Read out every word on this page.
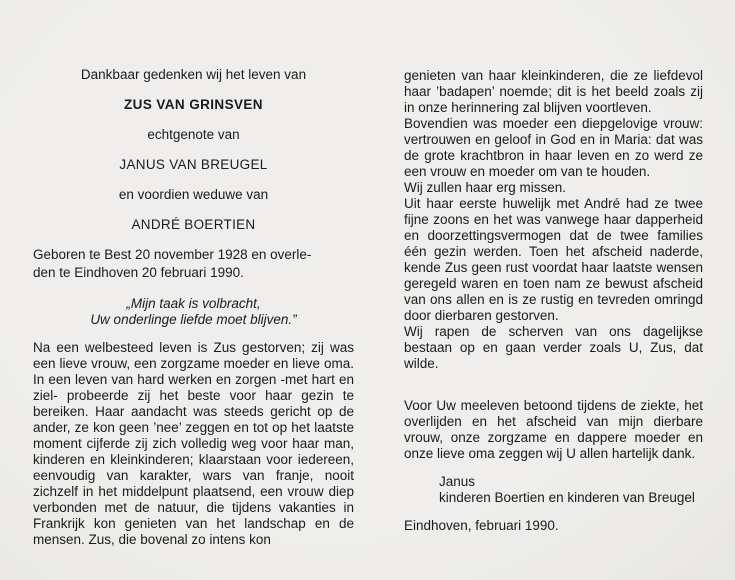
Dankbaar gedenken wij het leven van

ZUS VAN GRINSVEN

echtgenote van

JANUS VAN BREUGEL

en voordien weduwe van

ANDRÉ BOERTIEN

Geboren te Best 20 november 1928 en overle-
den te Eindhoven 20 februari 1990.
„Mijn taak is volbracht,
Uw onderlinge liefde moet blijven.”

Na een welbesteed leven is Zus gestorven; zij was een lieve vrouw, een zorgzame moeder en lieve oma. In een leven van hard werken en zorgen -met hart en ziel- probeerde zij het beste voor haar gezin te bereiken. Haar aandacht was steeds gericht op de ander, ze kon geen ’nee’ zeggen en tot op het laatste moment cijferde zij zich volledig weg voor haar man, kinderen en kleinkinderen; klaarstaan voor iedereen, eenvoudig van karakter, wars van franje, nooit zichzelf in het middelpunt plaatsend, een vrouw diep verbonden met de natuur, die tijdens vakanties in Frankrijk kon genieten van het landschap en de mensen. Zus, die bovenal zo intens kon

genieten van haar kleinkinderen, die ze liefdevol haar ’badapen’ noemde; dit is het beeld zoals zij in onze herinnering zal blijven voortleven.

Bovendien was moeder een diepgelovige vrouw: vertrouwen en geloof in God en in Maria: dat was de grote krachtbron in haar leven en zo werd ze een vrouw en moeder om van te houden.

Wij zullen haar erg missen.

Uit haar eerste huwelijk met André had ze twee fijne zoons en het was vanwege haar dapperheid en doorzettingsvermogen dat de twee families één gezin werden. Toen het afscheid naderde, kende Zus geen rust voordat haar laatste wensen geregeld waren en toen nam ze bewust afscheid van ons allen en is ze rustig en tevreden omringd door dierbaren gestorven.

Wij rapen de scherven van ons dagelijkse bestaan op en gaan verder zoals U, Zus, dat wilde.

Voor Uw meeleven betoond tijdens de ziekte, het overlijden en het afscheid van mijn dierbare vrouw, onze zorgzame en dappere moeder en onze lieve oma zeggen wij U allen hartelijk dank.

Janus
kinderen Boertien en kinderen van Breugel

Eindhoven, februari 1990.
